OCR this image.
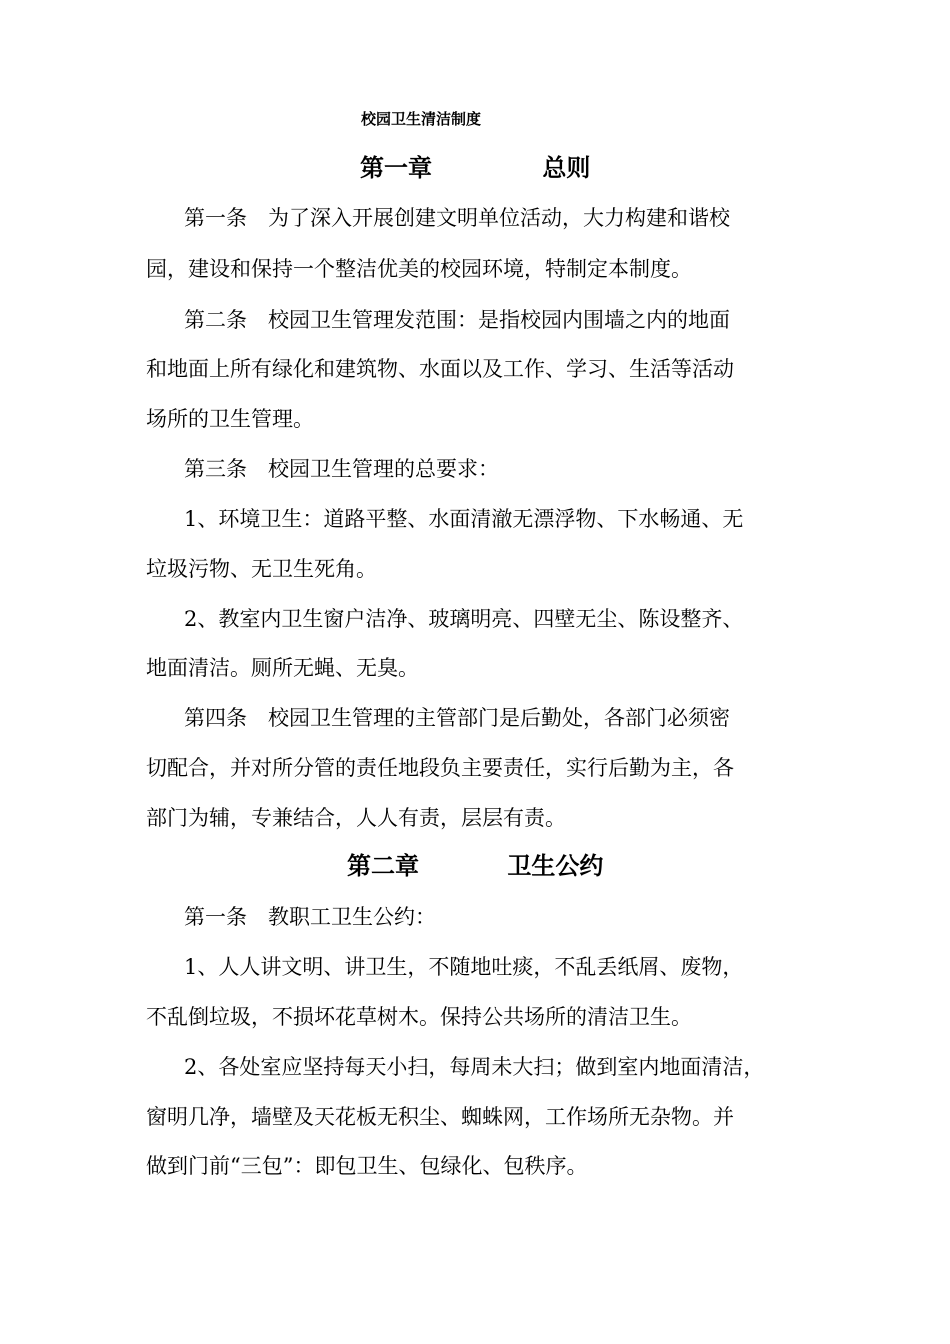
校园卫生清洁制度
第一章	总则
第一条　为了深入开展创建文明单位活动，大力构建和谐校
园，建设和保持一个整洁优美的校园环境，特制定本制度。
第二条　校园卫生管理发范围：是指校园内围墙之内的地面
和地面上所有绿化和建筑物、水面以及工作、学习、生活等活动
场所的卫生管理。
第三条　校园卫生管理的总要求：
1、环境卫生：道路平整、水面清澈无漂浮物、下水畅通、无
垃圾污物、无卫生死角。
2、教室内卫生窗户洁净、玻璃明亮、四壁无尘、陈设整齐、
地面清洁。厕所无蝇、无臭。
第四条　校园卫生管理的主管部门是后勤处，各部门必须密
切配合，并对所分管的责任地段负主要责任，实行后勤为主，各
部门为辅，专兼结合，人人有责，层层有责。
第二章	卫生公约
第一条　教职工卫生公约：
1、人人讲文明、讲卫生，不随地吐痰，不乱丢纸屑、废物，
不乱倒垃圾，不损坏花草树木。保持公共场所的清洁卫生。
2、各处室应坚持每天小扫，每周未大扫；做到室内地面清洁，
窗明几净，墙壁及天花板无积尘、蜘蛛网，工作场所无杂物。并
做到门前“三包”：即包卫生、包绿化、包秩序。
